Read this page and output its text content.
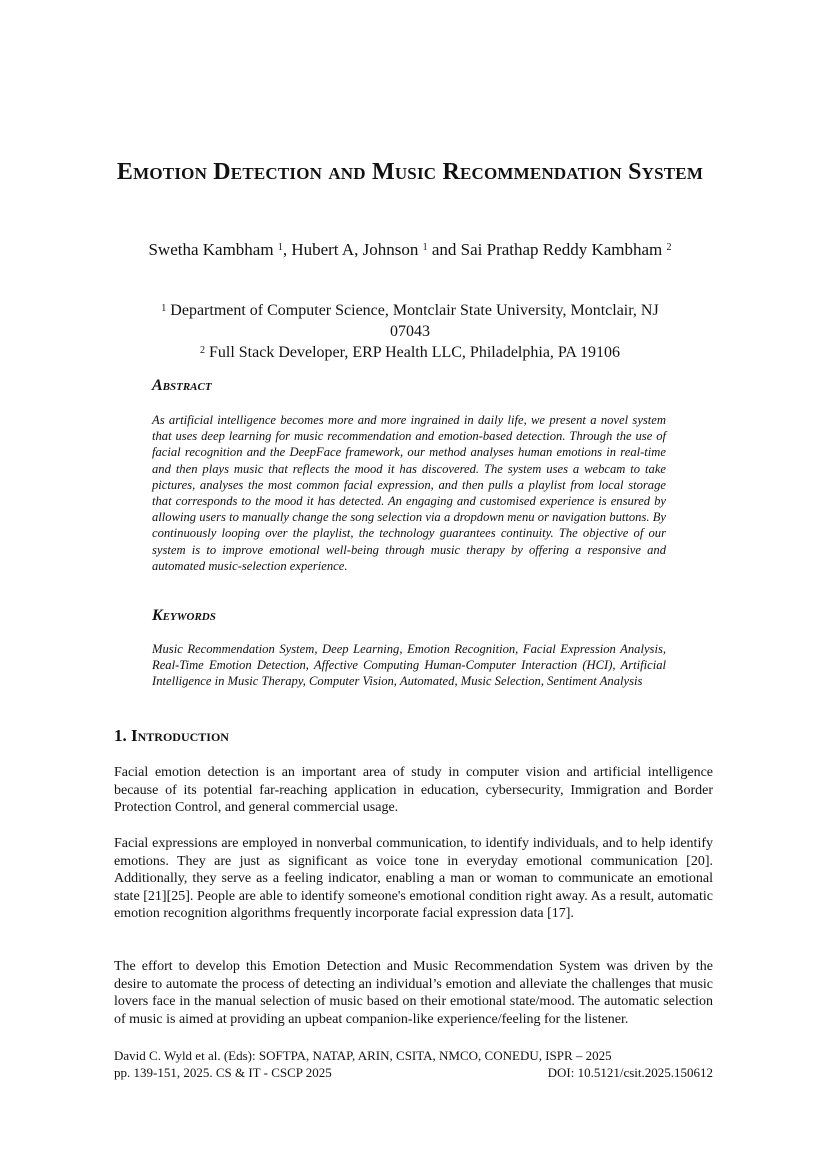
Emotion Detection and Music Recommendation System
Swetha Kambham $^1$, Hubert A, Johnson $^1$ and Sai Prathap Reddy Kambham $^2$
$^1$ Department of Computer Science, Montclair State University, Montclair, NJ 07043
$^2$ Full Stack Developer, ERP Health LLC, Philadelphia, PA 19106
Abstract
As artificial intelligence becomes more and more ingrained in daily life, we present a novel system that uses deep learning for music recommendation and emotion-based detection. Through the use of facial recognition and the DeepFace framework, our method analyses human emotions in real-time and then plays music that reflects the mood it has discovered. The system uses a webcam to take pictures, analyses the most common facial expression, and then pulls a playlist from local storage that corresponds to the mood it has detected. An engaging and customised experience is ensured by allowing users to manually change the song selection via a dropdown menu or navigation buttons. By continuously looping over the playlist, the technology guarantees continuity. The objective of our system is to improve emotional well-being through music therapy by offering a responsive and automated music-selection experience.
Keywords
Music Recommendation System, Deep Learning, Emotion Recognition, Facial Expression Analysis, Real-Time Emotion Detection, Affective Computing Human-Computer Interaction (HCI), Artificial Intelligence in Music Therapy, Computer Vision, Automated, Music Selection, Sentiment Analysis
1. Introduction
Facial emotion detection is an important area of study in computer vision and artificial intelligence because of its potential far-reaching application in education, cybersecurity, Immigration and Border Protection Control, and general commercial usage.
Facial expressions are employed in nonverbal communication, to identify individuals, and to help identify emotions. They are just as significant as voice tone in everyday emotional communication [20]. Additionally, they serve as a feeling indicator, enabling a man or woman to communicate an emotional state [21][25]. People are able to identify someone's emotional condition right away. As a result, automatic emotion recognition algorithms frequently incorporate facial expression data [17].
The effort to develop this Emotion Detection and Music Recommendation System was driven by the desire to automate the process of detecting an individual’s emotion and alleviate the challenges that music lovers face in the manual selection of music based on their emotional state/mood. The automatic selection of music is aimed at providing an upbeat companion-like experience/feeling for the listener.
David C. Wyld et al. (Eds): SOFTPA, NATAP, ARIN, CSITA, NMCO, CONEDU, ISPR – 2025
pp. 139-151, 2025. CS & IT - CSCP 2025	DOI: 10.5121/csit.2025.150612
